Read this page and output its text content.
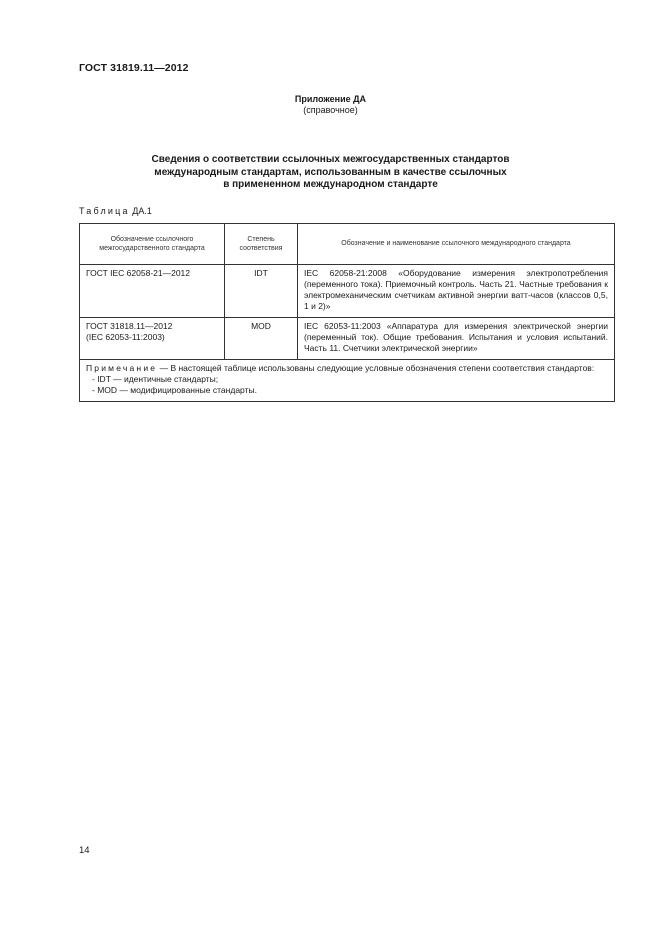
ГОСТ 31819.11—2012
Приложение ДА
(справочное)
Сведения о соответствии ссылочных межгосударственных стандартов
международным стандартам, использованным в качестве ссылочных
в примененном международном стандарте
Таблица ДА.1
Обозначение ссылочного межгосударственного стандарта	Степень соответствия	Обозначение и наименование ссылочного международного стандарта

ГОСТ IEC 62058-21—2012	IDT	IEC 62058-21:2008 «Оборудование измерения электропотребления (переменного тока). Приемочный контроль. Часть 21. Частные требования к электромеханическим счетчикам активной энергии ватт-часов (классов 0,5, 1 и 2)»

ГОСТ 31818.11—2012
(IEC 62053-11:2003)	MOD	IEC 62053-11:2003 «Аппаратура для измерения электрической энергии (переменный ток). Общие требования. Испытания и условия испытаний. Часть 11. Счетчики электрической энергии»

Примечание — В настоящей таблице использованы следующие условные обозначения степени соответствия стандартов:
- IDT — идентичные стандарты;
- MOD — модифицированные стандарты.		
14
